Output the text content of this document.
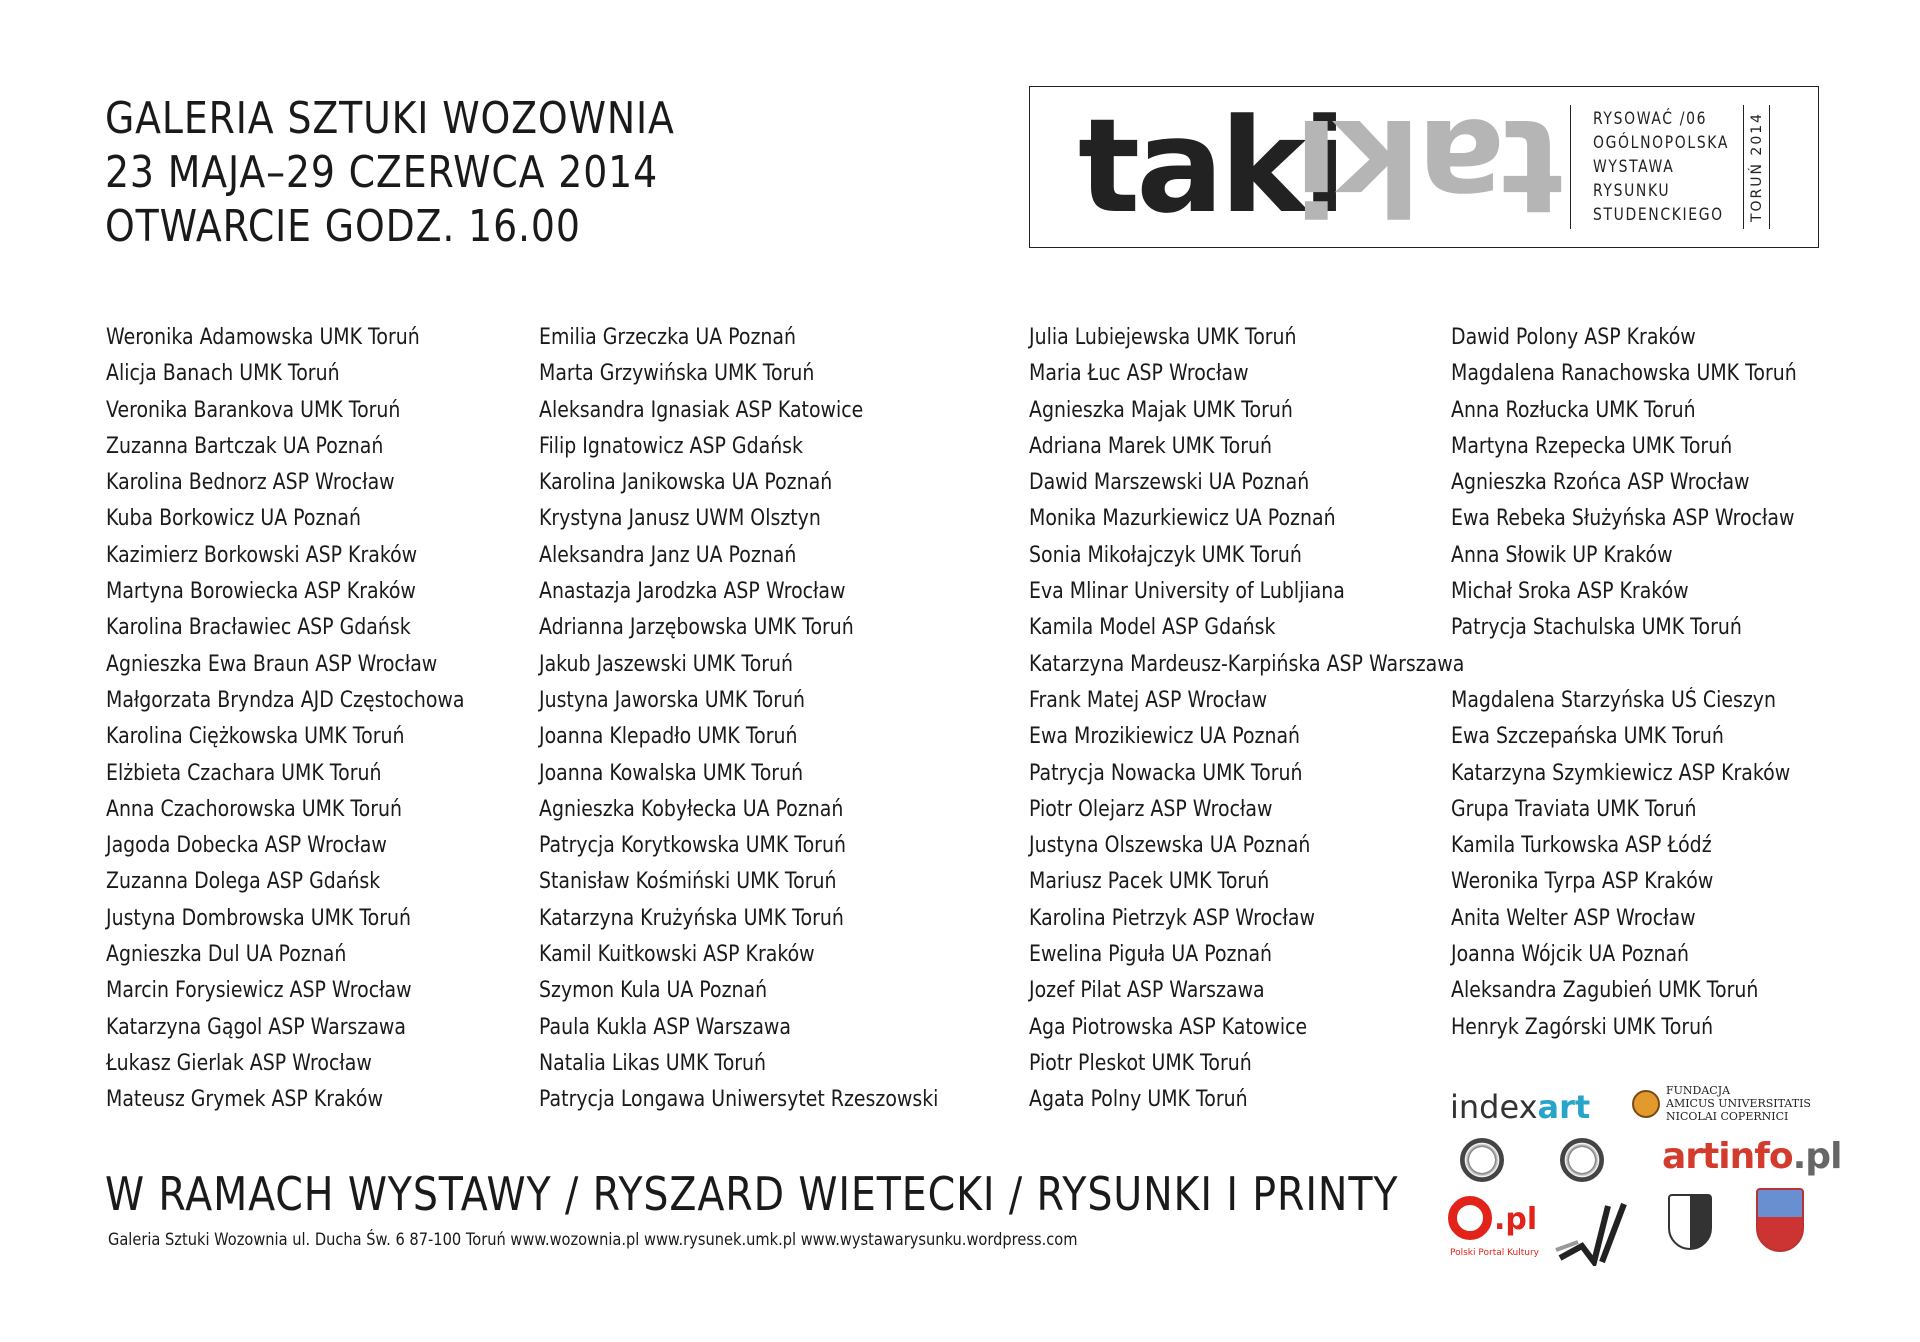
GALERIA SZTUKI WOZOWNIA
23 MAJA–29 CZERWCA 2014
OTWARCIE GODZ. 16.00	taki
taki RYSOWAĆ /06
OGÓLNOPOLSKA
WYSTAWA
RYSUNKU
STUDENCKIEGO	TORUŃ 2014
Weronika Adamowska UMK Toruń
Alicja Banach UMK Toruń
Veronika Barankova UMK Toruń
Zuzanna Bartczak UA Poznań
Karolina Bednorz ASP Wrocław
Kuba Borkowicz UA Poznań
Kazimierz Borkowski ASP Kraków
Martyna Borowiecka ASP Kraków
Karolina Bracławiec ASP Gdańsk
Agnieszka Ewa Braun ASP Wrocław
Małgorzata Bryndza AJD Częstochowa
Karolina Ciężkowska UMK Toruń
Elżbieta Czachara UMK Toruń
Anna Czachorowska UMK Toruń
Jagoda Dobecka ASP Wrocław
Zuzanna Dolega ASP Gdańsk
Justyna Dombrowska UMK Toruń
Agnieszka Dul UA Poznań
Marcin Forysiewicz ASP Wrocław
Katarzyna Gągol ASP Warszawa
Łukasz Gierlak ASP Wrocław
Mateusz Grymek ASP Kraków
Emilia Grzeczka UA Poznań
Marta Grzywińska UMK Toruń
Aleksandra Ignasiak ASP Katowice
Filip Ignatowicz ASP Gdańsk
Karolina Janikowska UA Poznań
Krystyna Janusz UWM Olsztyn
Aleksandra Janz UA Poznań
Anastazja Jarodzka ASP Wrocław
Adrianna Jarzębowska UMK Toruń
Jakub Jaszewski UMK Toruń
Justyna Jaworska UMK Toruń
Joanna Klepadło UMK Toruń
Joanna Kowalska UMK Toruń
Agnieszka Kobyłecka UA Poznań
Patrycja Korytkowska UMK Toruń
Stanisław Kośmiński UMK Toruń
Katarzyna Krużyńska UMK Toruń
Kamil Kuitkowski ASP Kraków
Szymon Kula UA Poznań
Paula Kukla ASP Warszawa
Natalia Likas UMK Toruń
Patrycja Longawa Uniwersytet Rzeszowski
Julia Lubiejewska UMK Toruń
Maria Łuc ASP Wrocław
Agnieszka Majak UMK Toruń
Adriana Marek UMK Toruń
Dawid Marszewski UA Poznań
Monika Mazurkiewicz UA Poznań
Sonia Mikołajczyk UMK Toruń
Eva Mlinar University of Lubljiana
Kamila Model ASP Gdańsk
Katarzyna Mardeusz-Karpińska ASP Warszawa
Frank Matej ASP Wrocław
Ewa Mrozikiewicz UA Poznań
Patrycja Nowacka UMK Toruń
Piotr Olejarz ASP Wrocław
Justyna Olszewska UA Poznań
Mariusz Pacek UMK Toruń
Karolina Pietrzyk ASP Wrocław
Ewelina Piguła UA Poznań
Jozef Pilat ASP Warszawa
Aga Piotrowska ASP Katowice
Piotr Pleskot UMK Toruń
Agata Polny UMK Toruń
Dawid Polony ASP Kraków
Magdalena Ranachowska UMK Toruń
Anna Rozłucka UMK Toruń
Martyna Rzepecka UMK Toruń
Agnieszka Rzońca ASP Wrocław
Ewa Rebeka Służyńska ASP Wrocław
Anna Słowik UP Kraków
Michał Sroka ASP Kraków
Patrycja Stachulska UMK Toruń

Magdalena Starzyńska UŚ Cieszyn
Ewa Szczepańska UMK Toruń
Katarzyna Szymkiewicz ASP Kraków
Grupa Traviata UMK Toruń
Kamila Turkowska ASP Łódź
Weronika Tyrpa ASP Kraków
Anita Welter ASP Wrocław
Joanna Wójcik UA Poznań
Aleksandra Zagubień UMK Toruń
Henryk Zagórski UMK Toruń
W RAMACH WYSTAWY / RYSZARD WIETECKI / RYSUNKI I PRINTY
Galeria Sztuki Wozownia ul. Ducha Św. 6 87-100 Toruń www.wozownia.pl www.rysunek.umk.pl www.wystawarysunku.wordpress.com
indexart	FUNDACJA
AMICUS UNIVERSITATIS
NICOLAI COPERNICI
artinfo.pl
.pl
Polski Portal Kultury
